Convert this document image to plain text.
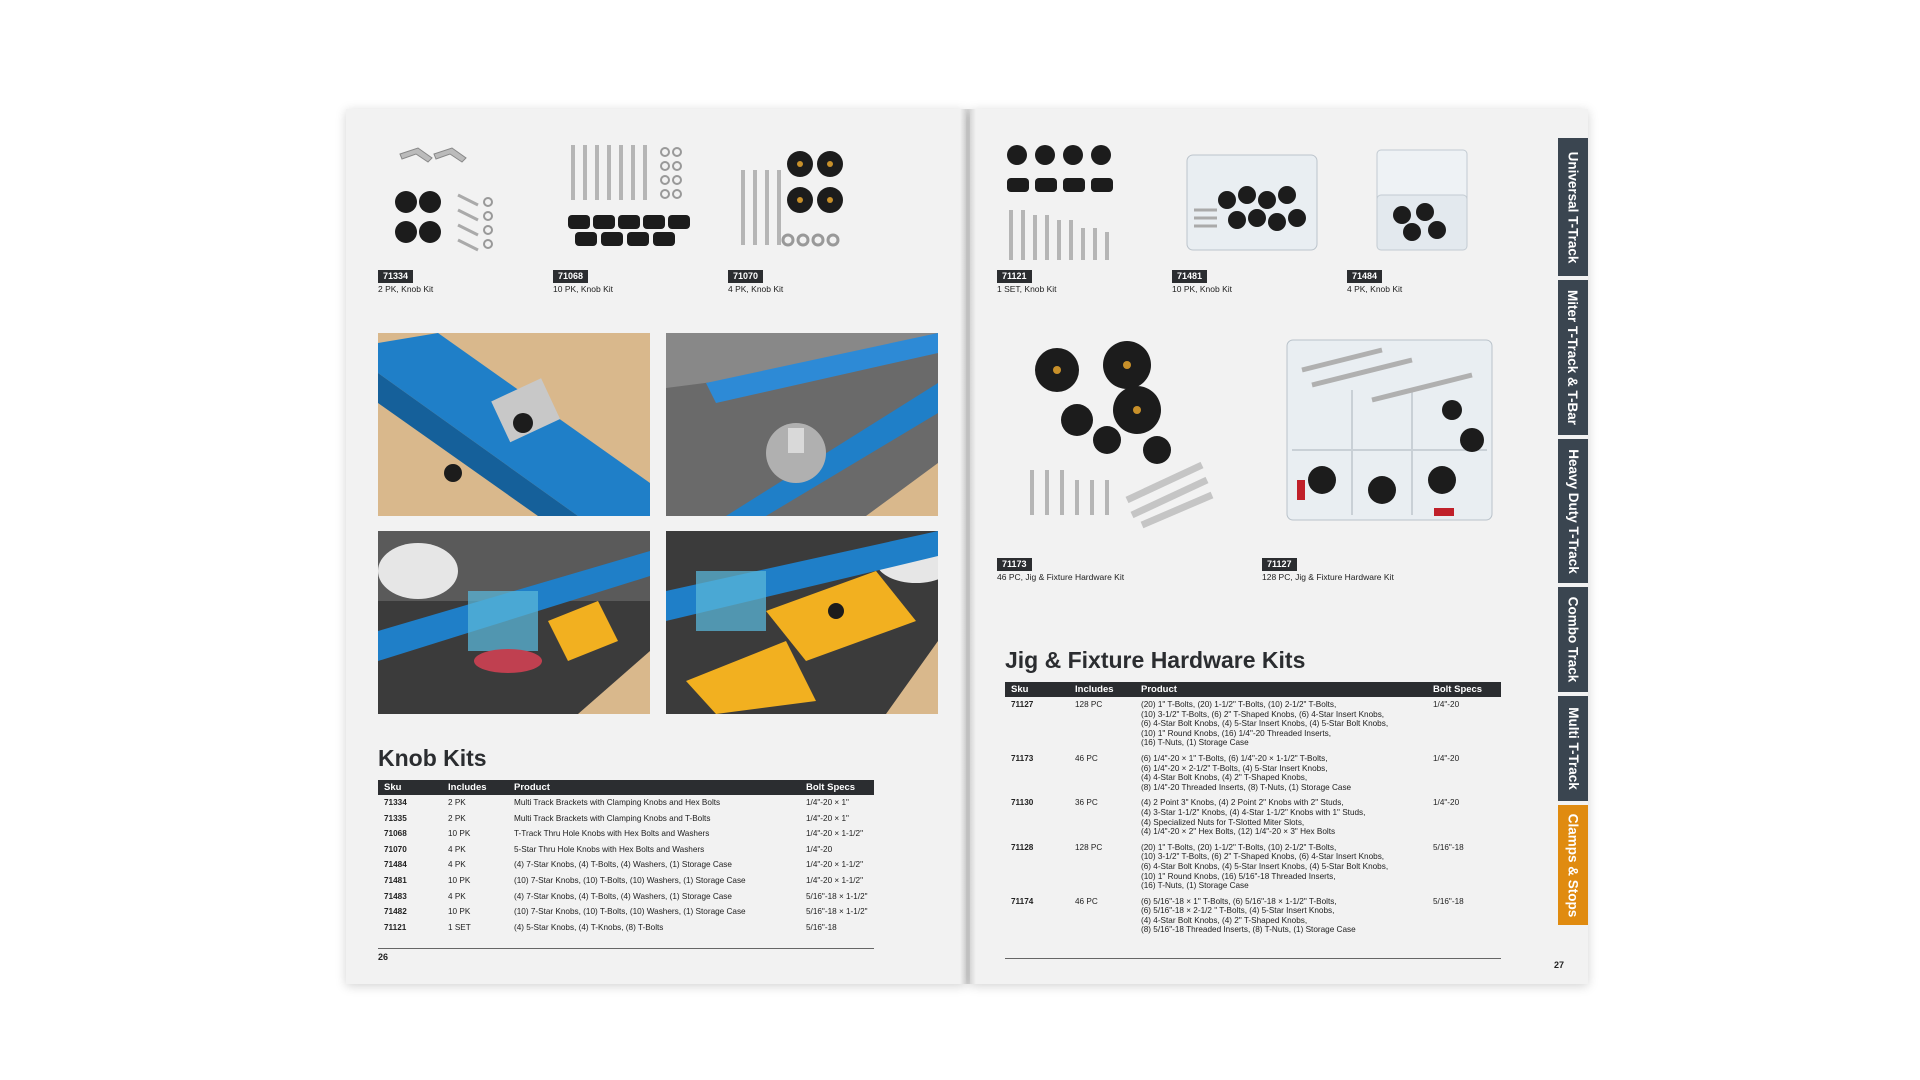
71334
2 PK, Knob Kit
71068
10 PK, Knob Kit
71070
4 PK, Knob Kit
Knob Kits
Sku	Includes	Product	Bolt Specs
71334	2 PK	Multi Track Brackets with Clamping Knobs and Hex Bolts	1/4"-20 × 1"
71335	2 PK	Multi Track Brackets with Clamping Knobs and T-Bolts	1/4"-20 × 1"
71068	10 PK	T-Track Thru Hole Knobs with Hex Bolts and Washers	1/4"-20 × 1-1/2"
71070	4 PK	5-Star Thru Hole Knobs with Hex Bolts and Washers	1/4"-20
71484	4 PK	(4) 7-Star Knobs, (4) T-Bolts, (4) Washers, (1) Storage Case	1/4"-20 × 1-1/2"
71481	10 PK	(10) 7-Star Knobs, (10) T-Bolts, (10) Washers, (1) Storage Case	1/4"-20 × 1-1/2"
71483	4 PK	(4) 7-Star Knobs, (4) T-Bolts, (4) Washers, (1) Storage Case	5/16"-18 × 1-1/2"
71482	10 PK	(10) 7-Star Knobs, (10) T-Bolts, (10) Washers, (1) Storage Case	5/16"-18 × 1-1/2"
71121	1 SET	(4) 5-Star Knobs, (4) T-Knobs, (8) T-Bolts	5/16"-18
26
71121
1 SET, Knob Kit
71481
10 PK, Knob Kit
71484
4 PK, Knob Kit
71173
46 PC, Jig & Fixture Hardware Kit
71127
128 PC, Jig & Fixture Hardware Kit
Jig & Fixture Hardware Kits
Sku	Includes	Product	Bolt Specs
71127	128 PC	(20) 1" T-Bolts, (20) 1-1/2" T-Bolts, (10) 2-1/2" T-Bolts,
(10) 3-1/2" T-Bolts, (6) 2" T-Shaped Knobs, (6) 4-Star Insert Knobs,
(6) 4-Star Bolt Knobs, (4) 5-Star Insert Knobs, (4) 5-Star Bolt Knobs,
(10) 1" Round Knobs, (16) 1/4"-20 Threaded Inserts,
(16) T-Nuts, (1) Storage Case	1/4"-20
71173	46 PC	(6) 1/4"-20 × 1" T-Bolts, (6) 1/4"-20 × 1-1/2" T-Bolts,
(6) 1/4"-20 × 2-1/2" T-Bolts, (4) 5-Star Insert Knobs,
(4) 4-Star Bolt Knobs, (4) 2" T-Shaped Knobs,
(8) 1/4"-20 Threaded Inserts, (8) T-Nuts, (1) Storage Case	1/4"-20
71130	36 PC	(4) 2 Point 3" Knobs, (4) 2 Point 2" Knobs with 2" Studs,
(4) 3-Star 1-1/2" Knobs, (4) 4-Star 1-1/2" Knobs with 1" Studs,
(4) Specialized Nuts for T-Slotted Miter Slots,
(4) 1/4"-20 × 2" Hex Bolts, (12) 1/4"-20 × 3" Hex Bolts	1/4"-20
71128	128 PC	(20) 1" T-Bolts, (20) 1-1/2" T-Bolts, (10) 2-1/2" T-Bolts,
(10) 3-1/2" T-Bolts, (6) 2" T-Shaped Knobs, (6) 4-Star Insert Knobs,
(6) 4-Star Bolt Knobs, (4) 5-Star Insert Knobs, (4) 5-Star Bolt Knobs,
(10) 1" Round Knobs, (16) 5/16"-18 Threaded Inserts,
(16) T-Nuts, (1) Storage Case	5/16"-18
71174	46 PC	(6) 5/16"-18 × 1" T-Bolts, (6) 5/16"-18 × 1-1/2" T-Bolts,
(6) 5/16"-18 × 2-1/2 " T-Bolts, (4) 5-Star Insert Knobs,
(4) 4-Star Bolt Knobs, (4) 2" T-Shaped Knobs,
(8) 5/16"-18 Threaded Inserts, (8) T-Nuts, (1) Storage Case	5/16"-18
27
Universal T-Track
Miter T-Track & T-Bar
Heavy Duty T-Track
Combo Track
Multi T-Track
Clamps & Stops
